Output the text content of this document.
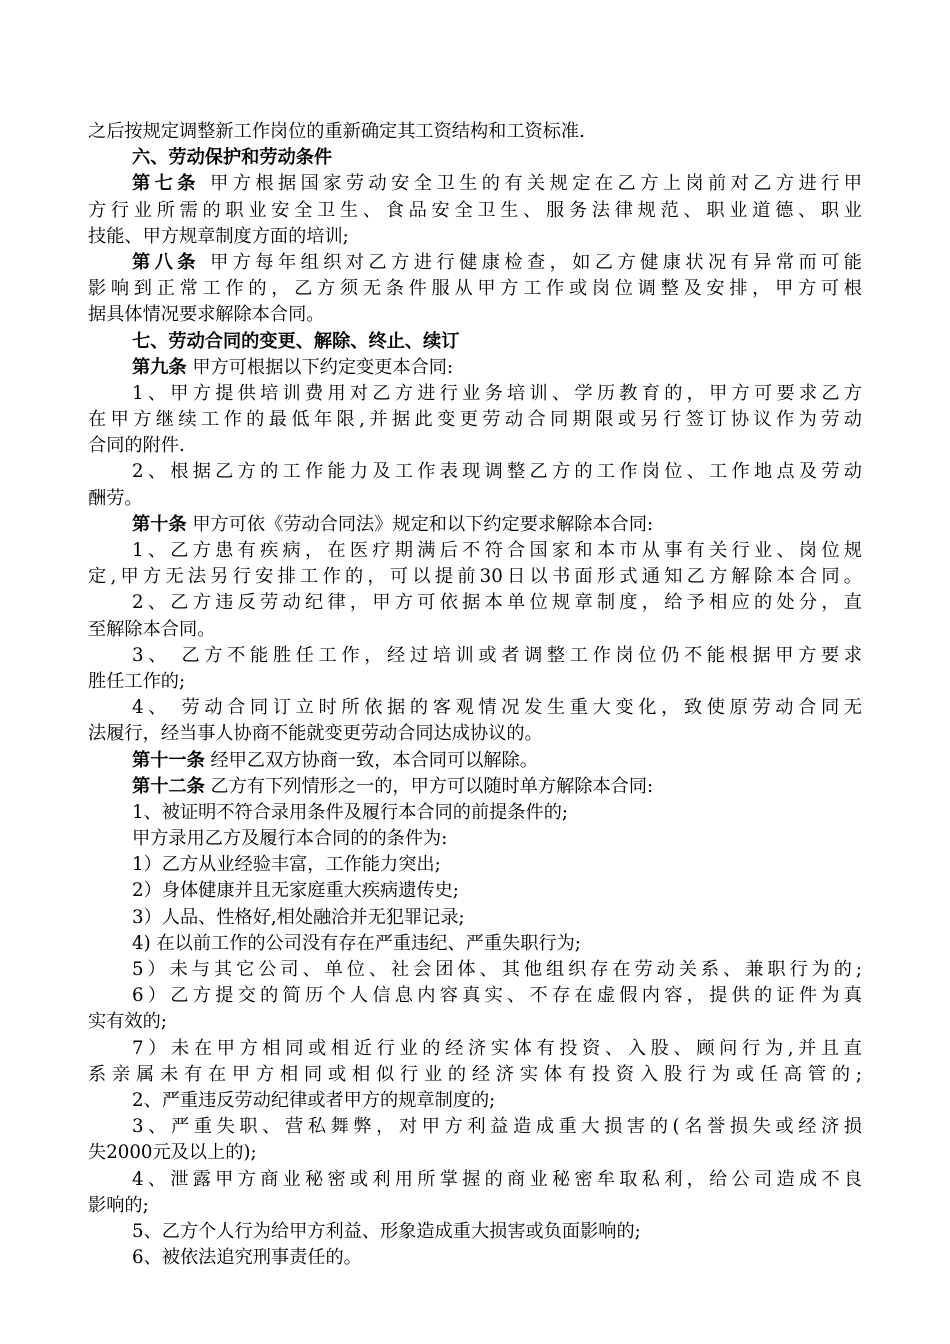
之后按规定调整新工作岗位的重新确定其工资结构和工资标准.
六、劳动保护和劳动条件
第七条 甲方根据国家劳动安全卫生的有关规定在乙方上岗前对乙方进行甲
方行业所需的职业安全卫生、食品安全卫生、服务法律规范、职业道德、职业
技能、甲方规章制度方面的培训;
第八条 甲方每年组织对乙方进行健康检查，如乙方健康状况有异常而可能
影响到正常工作的，乙方须无条件服从甲方工作或岗位调整及安排，甲方可根
据具体情况要求解除本合同。
七、劳动合同的变更、解除、终止、续订
第九条 甲方可根据以下约定变更本合同:
1、甲方提供培训费用对乙方进行业务培训、学历教育的，甲方可要求乙方
在甲方继续工作的最低年限,并据此变更劳动合同期限或另行签订协议作为劳动
合同的附件.
2、根据乙方的工作能力及工作表现调整乙方的工作岗位、工作地点及劳动
酬劳。
第十条 甲方可依《劳动合同法》规定和以下约定要求解除本合同:
1、乙方患有疾病，在医疗期满后不符合国家和本市从事有关行业、岗位规
定,甲方无法另行安排工作的，可以提前30日以书面形式通知乙方解除本合同。
2、乙方违反劳动纪律，甲方可依据本单位规章制度，给予相应的处分，直
至解除本合同。
3、 乙方不能胜任工作，经过培训或者调整工作岗位仍不能根据甲方要求
胜任工作的;
4、 劳动合同订立时所依据的客观情况发生重大变化，致使原劳动合同无
法履行，经当事人协商不能就变更劳动合同达成协议的。
第十一条 经甲乙双方协商一致，本合同可以解除。
第十二条 乙方有下列情形之一的，甲方可以随时单方解除本合同:
1、被证明不符合录用条件及履行本合同的前提条件的;
甲方录用乙方及履行本合同的的条件为:
1）乙方从业经验丰富，工作能力突出;
2）身体健康并且无家庭重大疾病遗传史;
3）人品、性格好,相处融洽并无犯罪记录;
4) 在以前工作的公司没有存在严重违纪、严重失职行为;
5）未与其它公司、单位、社会团体、其他组织存在劳动关系、兼职行为的;
6）乙方提交的简历个人信息内容真实、不存在虚假内容，提供的证件为真
实有效的;
7）未在甲方相同或相近行业的经济实体有投资、入股、顾问行为,并且直
系亲属未有在甲方相同或相似行业的经济实体有投资入股行为或任高管的;
2、严重违反劳动纪律或者甲方的规章制度的;
3、严重失职、营私舞弊，对甲方利益造成重大损害的(名誉损失或经济损
失2000元及以上的);
4、泄露甲方商业秘密或利用所掌握的商业秘密牟取私利，给公司造成不良
影响的;
5、乙方个人行为给甲方利益、形象造成重大损害或负面影响的;
6、被依法追究刑事责任的。
